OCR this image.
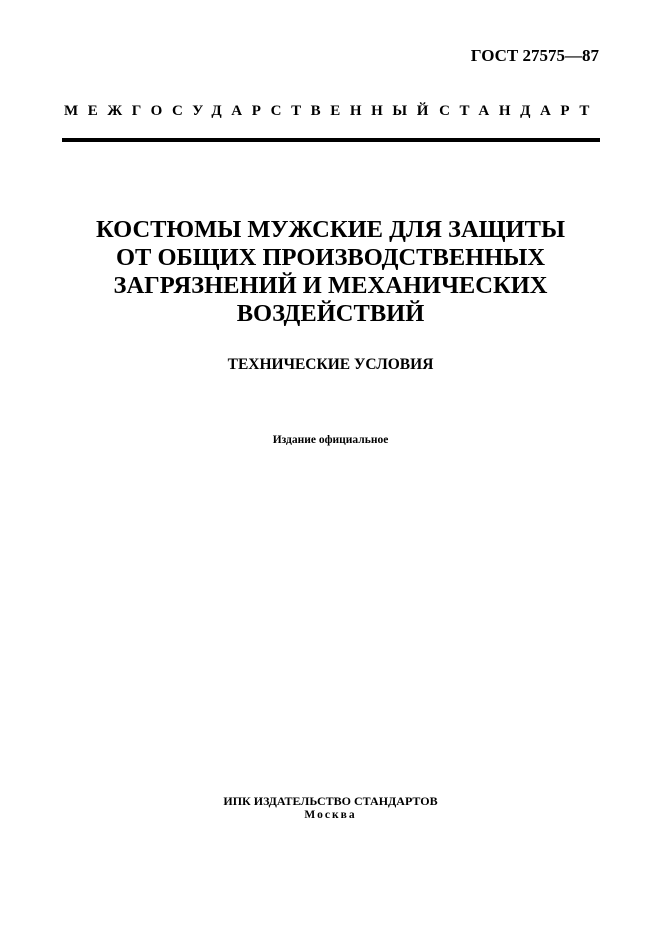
ГОСТ 27575—87
МЕЖГОСУДАРСТВЕННЫЙ СТАНДАРТ
КОСТЮМЫ МУЖСКИЕ ДЛЯ ЗАЩИТЫ
ОТ ОБЩИХ ПРОИЗВОДСТВЕННЫХ
ЗАГРЯЗНЕНИЙ И МЕХАНИЧЕСКИХ
ВОЗДЕЙСТВИЙ
ТЕХНИЧЕСКИЕ УСЛОВИЯ
Издание официальное
ИПК ИЗДАТЕЛЬСТВО СТАНДАРТОВ
Москва
